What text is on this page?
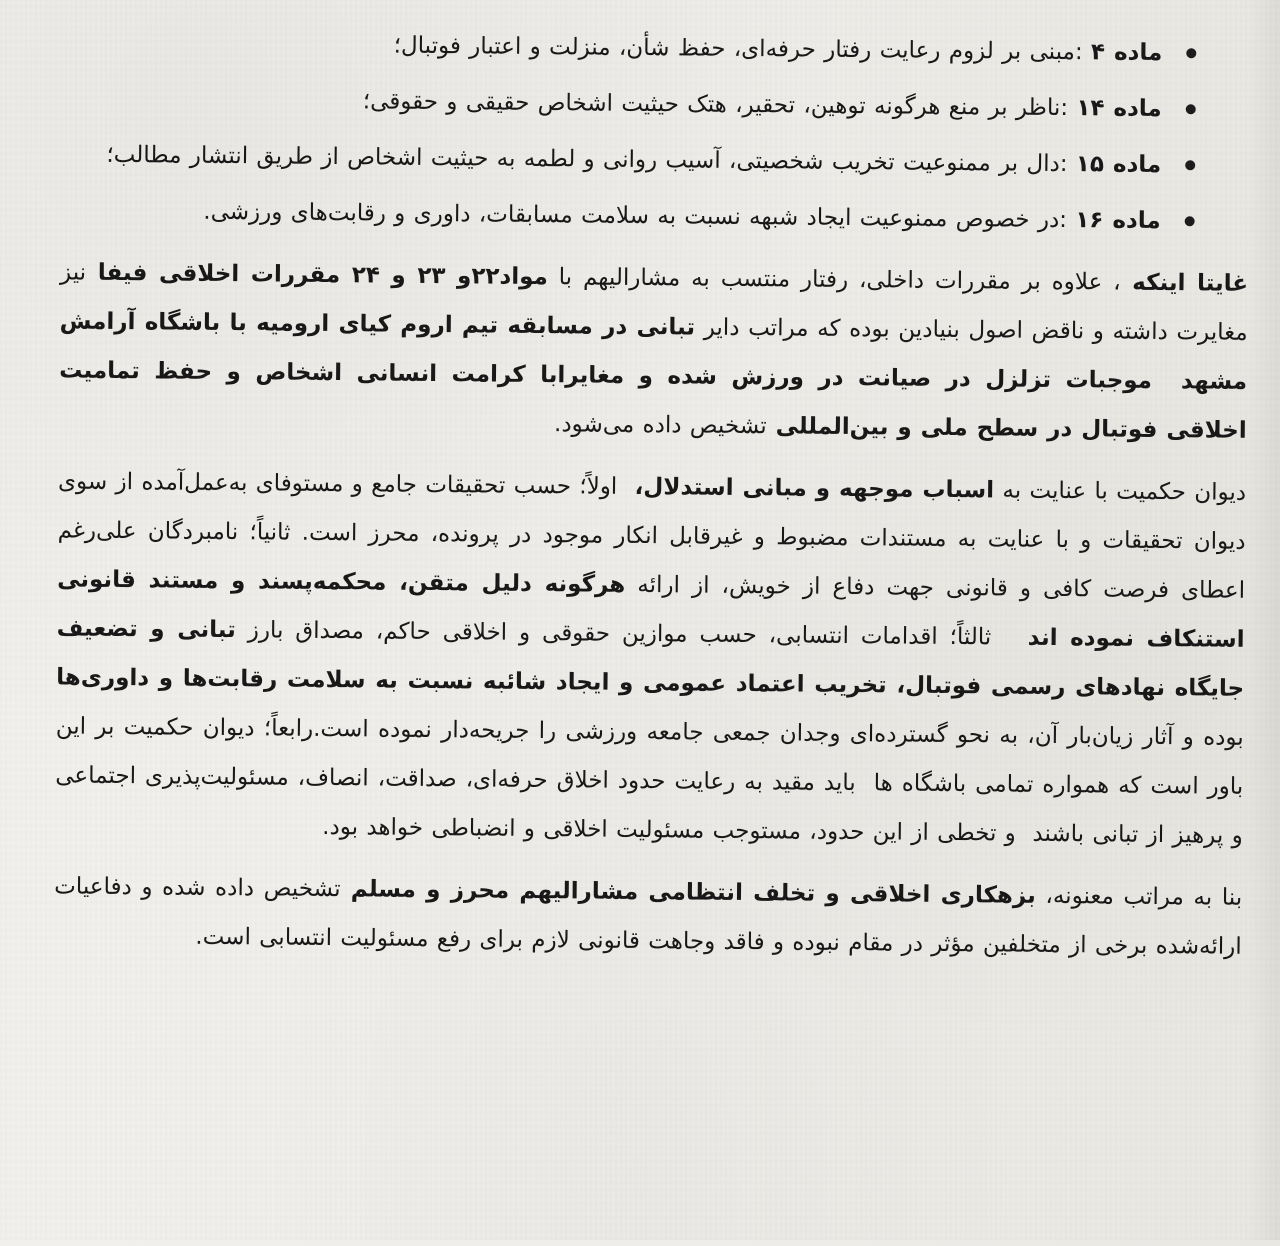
ماده ۴ :مبنی بر لزوم رعایت رفتار حرفه‌ای، حفظ شأن، منزلت و اعتبار فوتبال؛
ماده ۱۴ :ناظر بر منع هرگونه توهین، تحقیر، هتک حیثیت اشخاص حقیقی و حقوقی؛
ماده ۱۵ :دال بر ممنوعیت تخریب شخصیتی، آسیب روانی و لطمه به حیثیت اشخاص از طریق انتشار مطالب؛
ماده ۱۶ :در خصوص ممنوعیت ایجاد شبهه نسبت به سلامت مسابقات، داوری و رقابت‌های ورزشی.

غایتا اینکه ، علاوه بر مقررات داخلی، رفتار منتسب به مشارالیهم با مواد۲۲و ۲۳ و ۲۴ مقررات اخلاقی فیفا نیز مغایرت داشته و ناقض اصول بنیادین بوده که مراتب دایر تبانی در مسابقه تیم اروم کیای ارومیه با باشگاه آرامش مشهد  موجبات تزلزل در صیانت در ورزش شده و مغایرابا کرامت انسانی اشخاص و حفظ تمامیت اخلاقی فوتبال در سطح ملی و بین‌المللی تشخیص داده می‌شود.

دیوان حکمیت با عنایت به اسباب موجهه و مبانی استدلال،  اولاً؛ حسب تحقیقات جامع و مستوفای به‌عمل‌آمده از سوی دیوان تحقیقات و با عنایت به مستندات مضبوط و غیرقابل انکار موجود در پرونده، محرز است. ثانیاً؛ نامبردگان علی‌رغم اعطای فرصت کافی و قانونی جهت دفاع از خویش، از ارائه هرگونه دلیل متقن، محکمه‌پسند و مستند قانونی استنکاف نموده اند   ثالثاً؛ اقدامات انتسابی، حسب موازین حقوقی و اخلاقی حاکم، مصداق بارز تبانی و تضعیف جایگاه نهادهای رسمی فوتبال، تخریب اعتماد عمومی و ایجاد شائبه نسبت به سلامت رقابت‌ها و داوری‌ها بوده و آثار زیان‌بار آن، به نحو گسترده‌ای وجدان جمعی جامعه ورزشی را جریحه‌دار نموده است.رابعاً؛ دیوان حکمیت بر این باور است که همواره تمامی باشگاه ها  باید مقید به رعایت حدود اخلاق حرفه‌ای، صداقت، انصاف، مسئولیت‌پذیری اجتماعی و پرهیز از تبانی باشند  و تخطی از این حدود، مستوجب مسئولیت اخلاقی و انضباطی خواهد بود.

بنا به مراتب معنونه، بزهکاری اخلاقی و تخلف انتظامی مشارالیهم محرز و مسلم تشخیص داده شده و دفاعیات ارائه‌شده برخی از متخلفین مؤثر در مقام نبوده و فاقد وجاهت قانونی لازم برای رفع مسئولیت انتسابی است.
